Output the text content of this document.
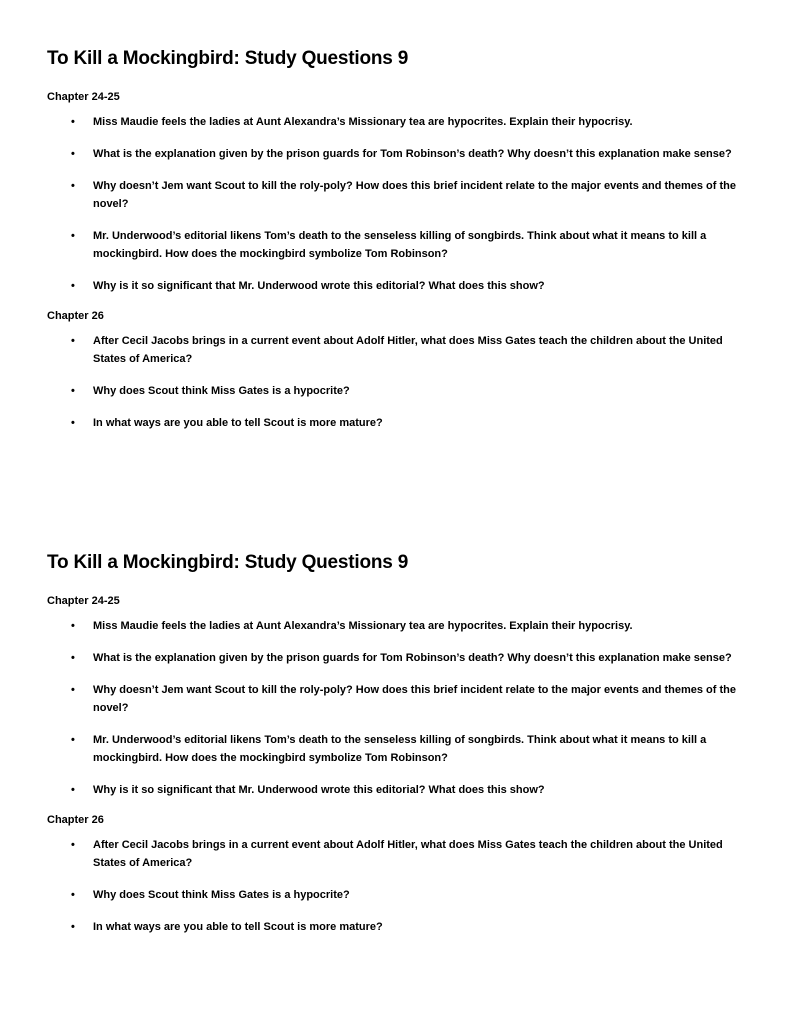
To Kill a Mockingbird: Study Questions 9
Chapter 24-25
• Miss Maudie feels the ladies at Aunt Alexandra’s Missionary tea are hypocrites. Explain their hypocrisy.
• What is the explanation given by the prison guards for Tom Robinson’s death? Why doesn’t this explanation make sense?
• Why doesn’t Jem want Scout to kill the roly-poly? How does this brief incident relate to the major events and themes of the novel?
• Mr. Underwood’s editorial likens Tom’s death to the senseless killing of songbirds. Think about what it means to kill a mockingbird. How does the mockingbird symbolize Tom Robinson?
• Why is it so significant that Mr. Underwood wrote this editorial? What does this show?
Chapter 26
• After Cecil Jacobs brings in a current event about Adolf Hitler, what does Miss Gates teach the children about the United States of America?
• Why does Scout think Miss Gates is a hypocrite?
• In what ways are you able to tell Scout is more mature?
To Kill a Mockingbird: Study Questions 9
Chapter 24-25
• Miss Maudie feels the ladies at Aunt Alexandra’s Missionary tea are hypocrites. Explain their hypocrisy.
• What is the explanation given by the prison guards for Tom Robinson’s death? Why doesn’t this explanation make sense?
• Why doesn’t Jem want Scout to kill the roly-poly? How does this brief incident relate to the major events and themes of the novel?
• Mr. Underwood’s editorial likens Tom’s death to the senseless killing of songbirds. Think about what it means to kill a mockingbird. How does the mockingbird symbolize Tom Robinson?
• Why is it so significant that Mr. Underwood wrote this editorial? What does this show?
Chapter 26
• After Cecil Jacobs brings in a current event about Adolf Hitler, what does Miss Gates teach the children about the United States of America?
• Why does Scout think Miss Gates is a hypocrite?
• In what ways are you able to tell Scout is more mature?
